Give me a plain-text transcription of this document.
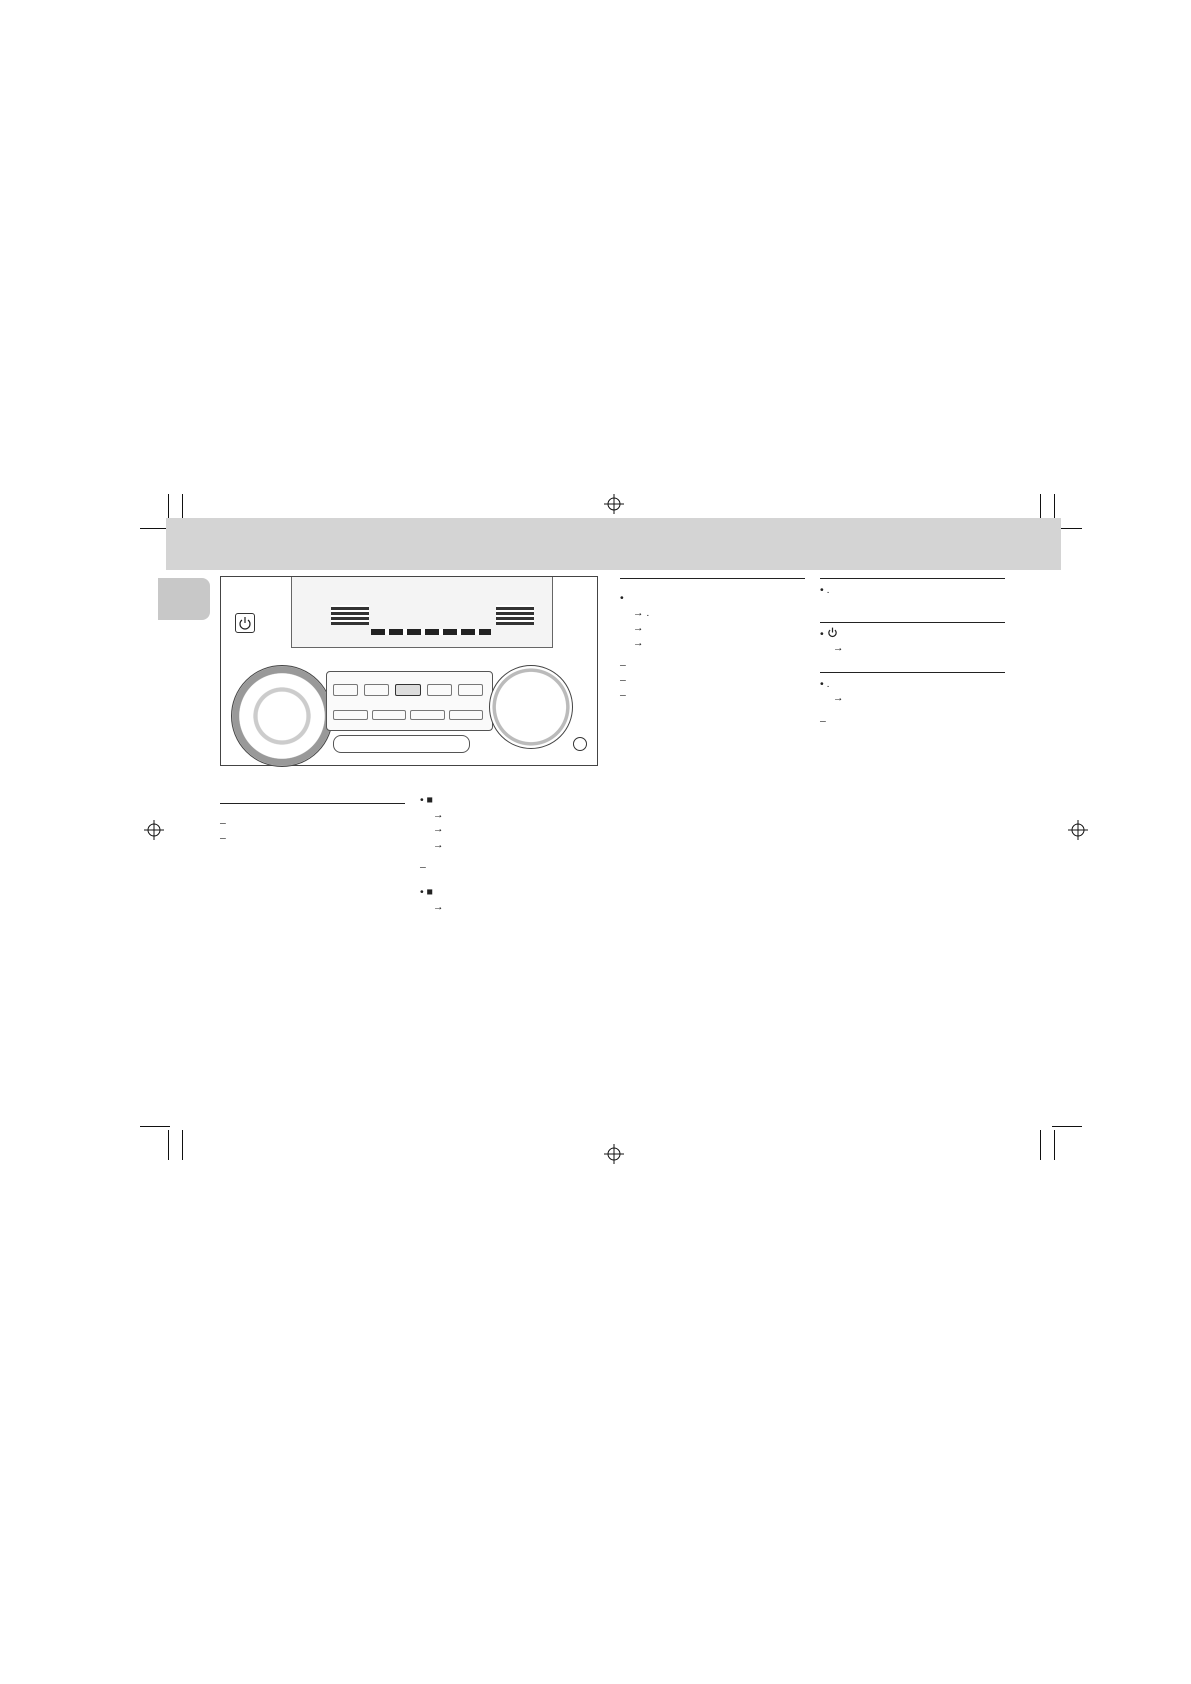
–

–

• ■

→

→

→

–

• ■

→

•

→ .

→

→

–

–

–

• .

•

→

• .

→

–
